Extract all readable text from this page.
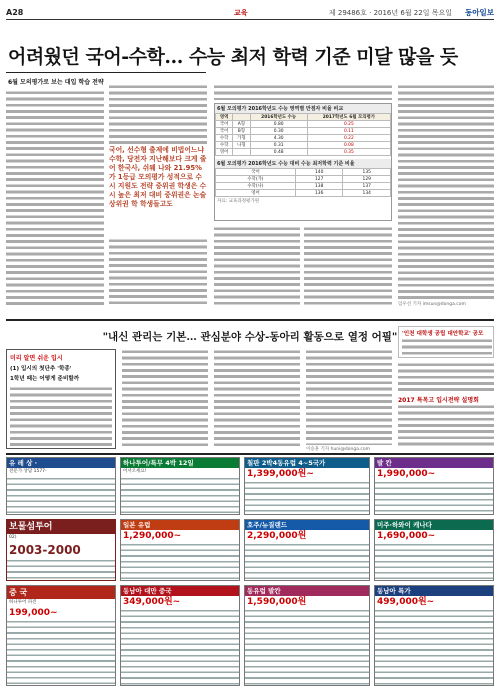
A28	교육	제 29486호 · 2016년 6월 22일 목요일 동아일보
어려웠던 국어-수학… 수능 최저 학력 기준 미달 많을 듯
6월 모의평가로 보는 대입 학습 전략
국어, 선수형 출제에 비법어느냐 수학, 당전자 지난해보다 크게 줄어 한국사, 쉬웨 나와 21.95%가 1등급 모의평가 성적으로 수시 지원도 전략 중위권 학생은 수시 높은 최저 대비 중위권은 논술 상위권 학 학생들고도
6월 모의평가 2016학년도 수능 영역별 만점자 비율 비교
영역		2016학년도 수능	2017학년도 6월 모의평가
국어	A형	0.80	0.25
국어	B형	0.30	0.11
수학	가형	4.30	0.22
수학	나형	0.31	0.08
영어		0.48	0.35
6월 모의평가 2016학년도 수능 대비 수능 최저학력 기준 비율
국어	140	135
수학(가)	127	129
수학(나)	138	137
영어	136	134
자료: 교육과정평가원
임우선 기자 imsun@donga.com
"내신 관리는 기본… 관심분야 수상-동아리 활동으로 열정 어필"
미리 알면 쉬운 입시
(1) 입시의 첫단추 '학종'
1학년 때는 어떻게 준비할까
이승훈 기자 huni@donga.com
'인천 대학생 공립 대안학교' 공모
2017 특목고 입시전략 설명회
유 레 상 ·
전문가 상담 1577-
하나투어/특무 4박 12일
어서오세요!
칠판 2박4동유럽 4~5국가
1,399,000원~
발 칸
1,990,000~
보물섬투어
02)
2003-2000
일본 유럽
1,290,000~
호주/뉴질랜드
2,290,000원
미주·하와이 캐나다
1,690,000~
중 국
하나투어 파견
199,000~
동남아 대만 중국
349,000원~
동유럽 발칸
1,590,000원
동남아 특가
499,000원~
